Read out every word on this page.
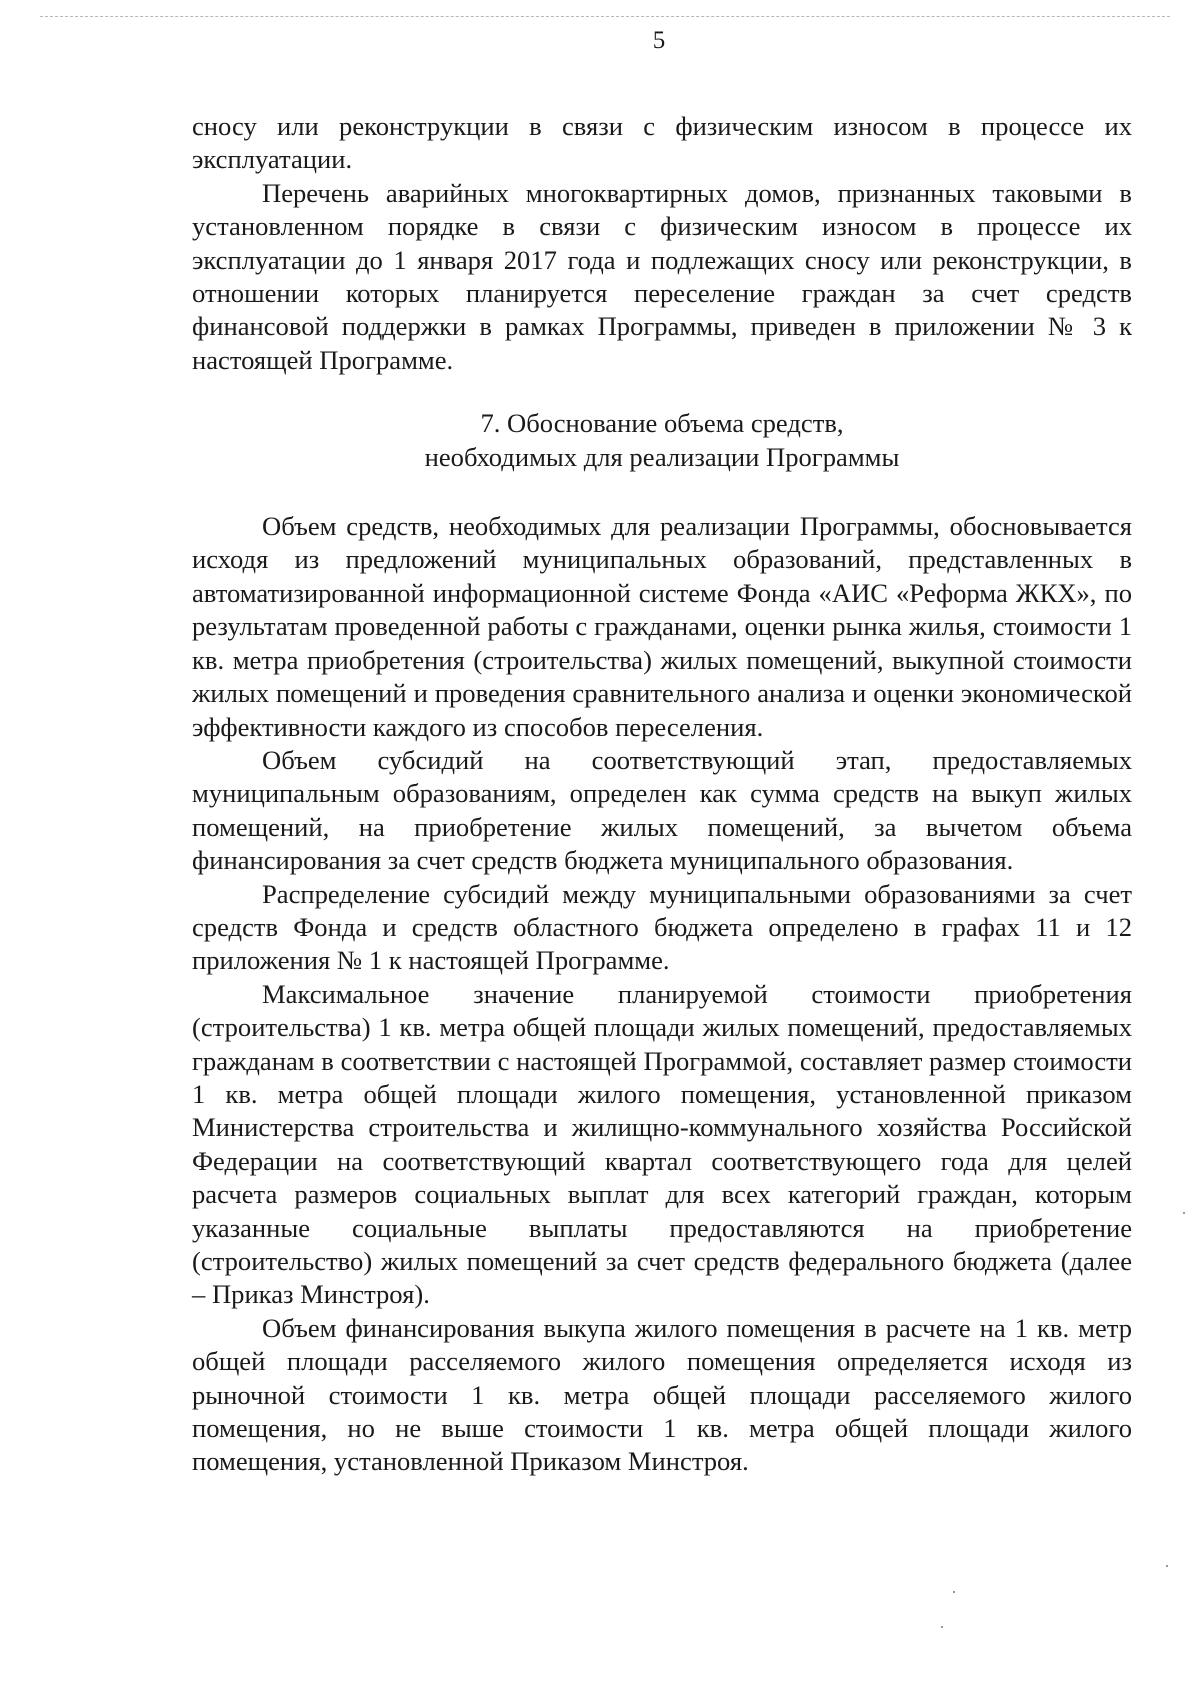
5

сносу или реконструкции в связи с физическим износом в процессе их эксплуатации.

Перечень аварийных многоквартирных домов, признанных таковыми в установленном порядке в связи с физическим износом в процессе их эксплуатации до 1 января 2017 года и подлежащих сносу или реконструкции, в отношении которых планируется переселение граждан за счет средств финансовой поддержки в рамках Программы, приведен в приложении № 3 к настоящей Программе.

7. Обоснование объема средств,
необходимых для реализации Программы

Объем средств, необходимых для реализации Программы, обосновывается исходя из предложений муниципальных образований, представленных в автоматизированной информационной системе Фонда «АИС «Реформа ЖКХ», по результатам проведенной работы с гражданами, оценки рынка жилья, стоимости 1 кв. метра приобретения (строительства) жилых помещений, выкупной стоимости жилых помещений и проведения сравнительного анализа и оценки экономической эффективности каждого из способов переселения.

Объем субсидий на соответствующий этап, предоставляемых муниципальным образованиям, определен как сумма средств на выкуп жилых помещений, на приобретение жилых помещений, за вычетом объема финансирования за счет средств бюджета муниципального образования.

Распределение субсидий между муниципальными образованиями за счет средств Фонда и средств областного бюджета определено в графах 11 и 12 приложения № 1 к настоящей Программе.

Максимальное значение планируемой стоимости приобретения (строительства) 1 кв. метра общей площади жилых помещений, предоставляемых гражданам в соответствии с настоящей Программой, составляет размер стоимости 1 кв. метра общей площади жилого помещения, установленной приказом Министерства строительства и жилищно-коммунального хозяйства Российской Федерации на соответствующий квартал соответствующего года для целей расчета размеров социальных выплат для всех категорий граждан, которым указанные социальные выплаты предоставляются на приобретение (строительство) жилых помещений за счет средств федерального бюджета (далее – Приказ Минстроя).

Объем финансирования выкупа жилого помещения в расчете на 1 кв. метр общей площади расселяемого жилого помещения определяется исходя из рыночной стоимости 1 кв. метра общей площади расселяемого жилого помещения, но не выше стоимости 1 кв. метра общей площади жилого помещения, установленной Приказом Минстроя.
